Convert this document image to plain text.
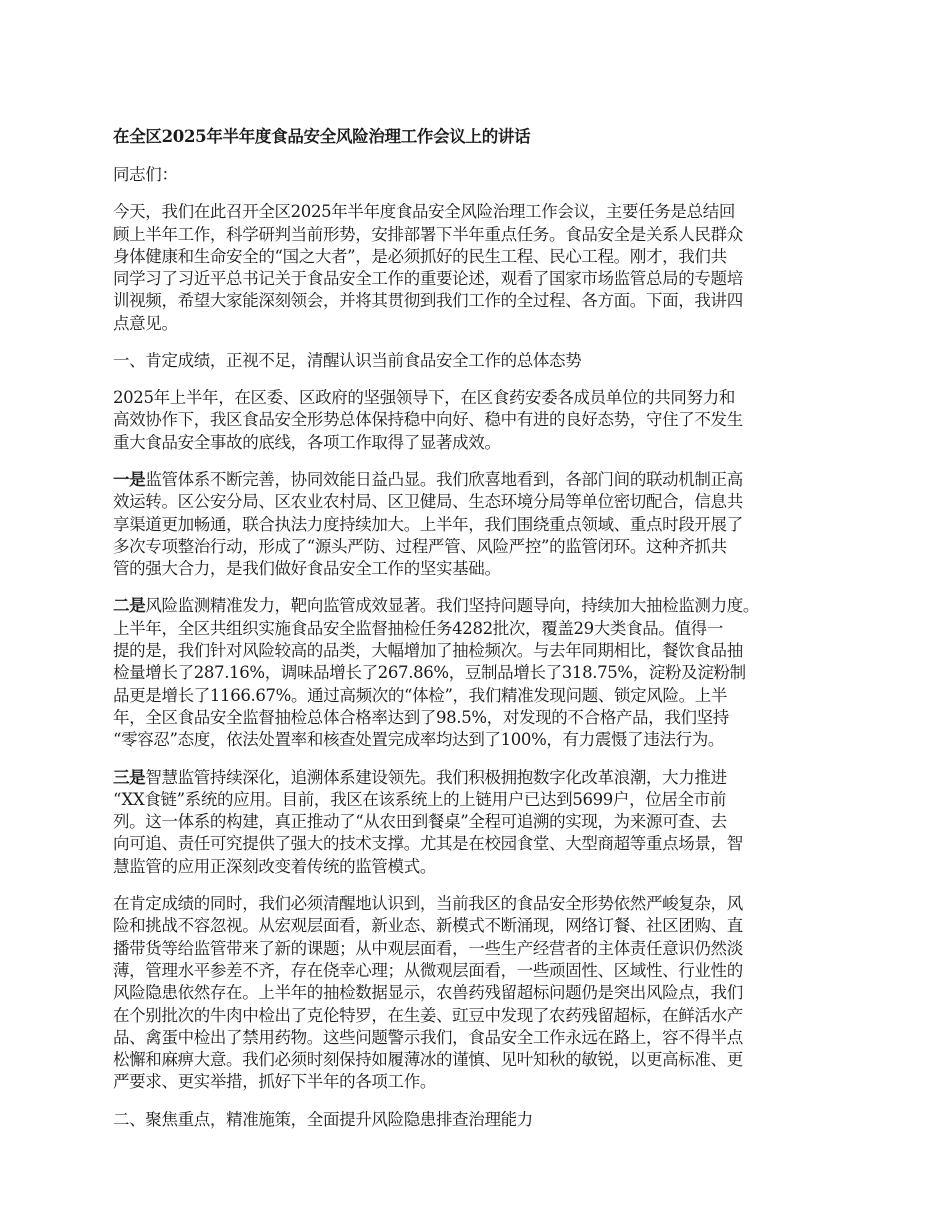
在全区2025年半年度食品安全风险治理工作会议上的讲话
同志们：
今天，我们在此召开全区2025年半年度食品安全风险治理工作会议，主要任务是总结回
顾上半年工作，科学研判当前形势，安排部署下半年重点任务。食品安全是关系人民群众
身体健康和生命安全的“国之大者”，是必须抓好的民生工程、民心工程。刚才，我们共
同学习了习近平总书记关于食品安全工作的重要论述，观看了国家市场监管总局的专题培
训视频，希望大家能深刻领会，并将其贯彻到我们工作的全过程、各方面。下面，我讲四
点意见。
一、肯定成绩，正视不足，清醒认识当前食品安全工作的总体态势
2025年上半年，在区委、区政府的坚强领导下，在区食药安委各成员单位的共同努力和
高效协作下，我区食品安全形势总体保持稳中向好、稳中有进的良好态势，守住了不发生
重大食品安全事故的底线，各项工作取得了显著成效。
一是监管体系不断完善，协同效能日益凸显。我们欣喜地看到，各部门间的联动机制正高
效运转。区公安分局、区农业农村局、区卫健局、生态环境分局等单位密切配合，信息共
享渠道更加畅通，联合执法力度持续加大。上半年，我们围绕重点领域、重点时段开展了
多次专项整治行动，形成了“源头严防、过程严管、风险严控”的监管闭环。这种齐抓共
管的强大合力，是我们做好食品安全工作的坚实基础。
二是风险监测精准发力，靶向监管成效显著。我们坚持问题导向，持续加大抽检监测力度。
上半年，全区共组织实施食品安全监督抽检任务4282批次，覆盖29大类食品。值得一
提的是，我们针对风险较高的品类，大幅增加了抽检频次。与去年同期相比，餐饮食品抽
检量增长了287.16%，调味品增长了267.86%，豆制品增长了318.75%，淀粉及淀粉制
品更是增长了1166.67%。通过高频次的“体检”，我们精准发现问题、锁定风险。上半
年，全区食品安全监督抽检总体合格率达到了98.5%，对发现的不合格产品，我们坚持
“零容忍”态度，依法处置率和核查处置完成率均达到了100%，有力震慑了违法行为。
三是智慧监管持续深化，追溯体系建设领先。我们积极拥抱数字化改革浪潮，大力推进
“XX食链”系统的应用。目前，我区在该系统上的上链用户已达到5699户，位居全市前
列。这一体系的构建，真正推动了“从农田到餐桌”全程可追溯的实现，为来源可查、去
向可追、责任可究提供了强大的技术支撑。尤其是在校园食堂、大型商超等重点场景，智
慧监管的应用正深刻改变着传统的监管模式。
在肯定成绩的同时，我们必须清醒地认识到，当前我区的食品安全形势依然严峻复杂，风
险和挑战不容忽视。从宏观层面看，新业态、新模式不断涌现，网络订餐、社区团购、直
播带货等给监管带来了新的课题；从中观层面看，一些生产经营者的主体责任意识仍然淡
薄，管理水平参差不齐，存在侥幸心理；从微观层面看，一些顽固性、区域性、行业性的
风险隐患依然存在。上半年的抽检数据显示，农兽药残留超标问题仍是突出风险点，我们
在个别批次的牛肉中检出了克伦特罗，在生姜、豇豆中发现了农药残留超标，在鲜活水产
品、禽蛋中检出了禁用药物。这些问题警示我们，食品安全工作永远在路上，容不得半点
松懈和麻痹大意。我们必须时刻保持如履薄冰的谨慎、见叶知秋的敏锐，以更高标准、更
严要求、更实举措，抓好下半年的各项工作。
二、聚焦重点，精准施策，全面提升风险隐患排查治理能力
